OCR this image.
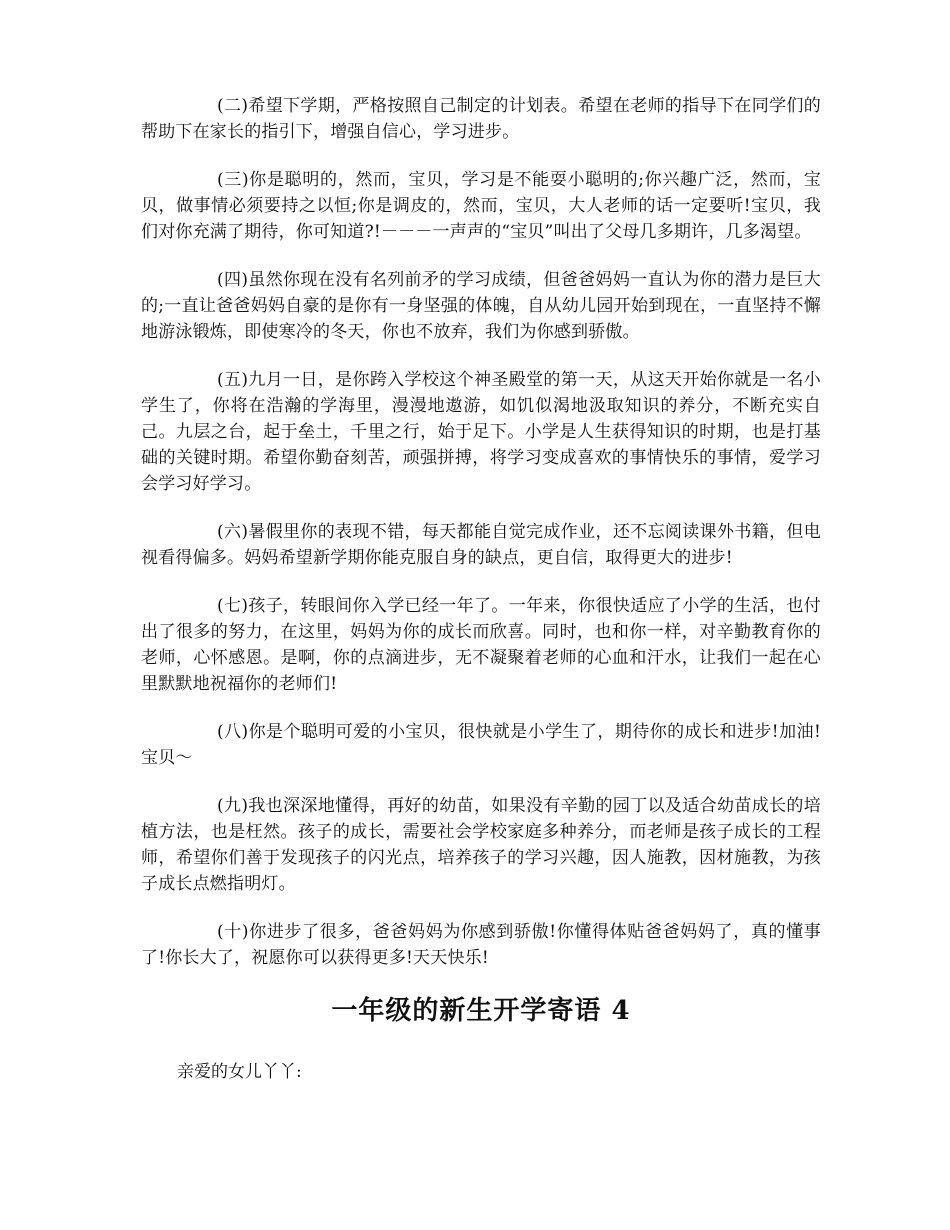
(二)希望下学期，严格按照自己制定的计划表。希望在老师的指导下在同学们的帮助下在家长的指引下，增强自信心，学习进步。

(三)你是聪明的，然而，宝贝，学习是不能耍小聪明的;你兴趣广泛，然而，宝贝，做事情必须要持之以恒;你是调皮的，然而，宝贝，大人老师的话一定要听!宝贝，我们对你充满了期待，你可知道?!－－－一声声的“宝贝”叫出了父母几多期许，几多渴望。

(四)虽然你现在没有名列前矛的学习成绩，但爸爸妈妈一直认为你的潜力是巨大的;一直让爸爸妈妈自豪的是你有一身坚强的体魄，自从幼儿园开始到现在，一直坚持不懈地游泳锻炼，即使寒冷的冬天，你也不放弃，我们为你感到骄傲。

(五)九月一日，是你跨入学校这个神圣殿堂的第一天，从这天开始你就是一名小学生了，你将在浩瀚的学海里，漫漫地遨游，如饥似渴地汲取知识的养分，不断充实自己。九层之台，起于垒土，千里之行，始于足下。小学是人生获得知识的时期，也是打基础的关键时期。希望你勤奋刻苦，顽强拼搏，将学习变成喜欢的事情快乐的事情，爱学习会学习好学习。

(六)暑假里你的表现不错，每天都能自觉完成作业，还不忘阅读课外书籍，但电视看得偏多。妈妈希望新学期你能克服自身的缺点，更自信，取得更大的进步!

(七)孩子，转眼间你入学已经一年了。一年来，你很快适应了小学的生活，也付出了很多的努力，在这里，妈妈为你的成长而欣喜。同时，也和你一样，对辛勤教育你的老师，心怀感恩。是啊，你的点滴进步，无不凝聚着老师的心血和汗水，让我们一起在心里默默地祝福你的老师们!

(八)你是个聪明可爱的小宝贝，很快就是小学生了，期待你的成长和进步!加油!宝贝～

(九)我也深深地懂得，再好的幼苗，如果没有辛勤的园丁以及适合幼苗成长的培植方法，也是枉然。孩子的成长，需要社会学校家庭多种养分，而老师是孩子成长的工程师，希望你们善于发现孩子的闪光点，培养孩子的学习兴趣，因人施教，因材施教，为孩子成长点燃指明灯。

(十)你进步了很多，爸爸妈妈为你感到骄傲!你懂得体贴爸爸妈妈了，真的懂事了!你长大了，祝愿你可以获得更多!天天快乐!

一年级的新生开学寄语 4

亲爱的女儿丫丫:
